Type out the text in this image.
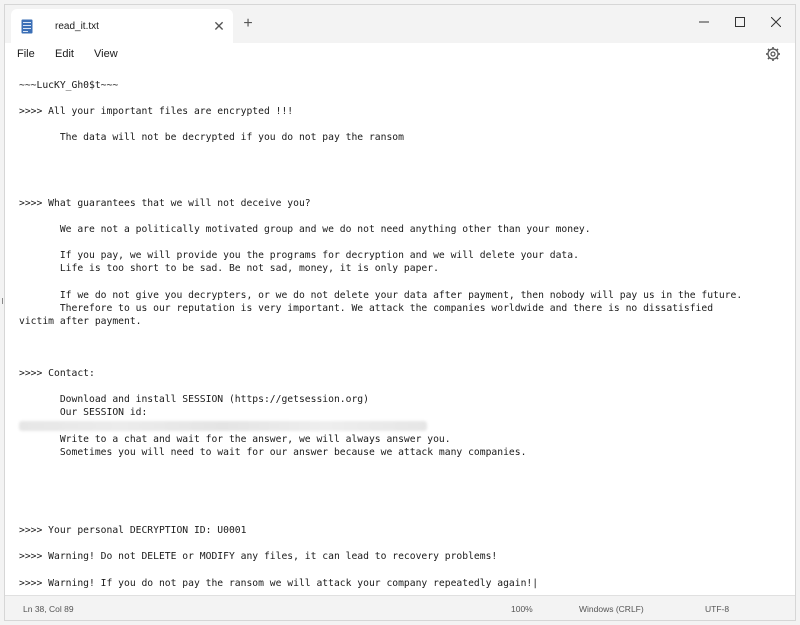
read_it.txt	✕ +
File Edit View
~~~LucKY_Gh0$t~~~

>>>> All your important files are encrypted !!!

The data will not be decrypted if you do not pay the ransom

>>>> What guarantees that we will not deceive you?

We are not a politically motivated group and we do not need anything other than your money.

If you pay, we will provide you the programs for decryption and we will delete your data.
Life is too short to be sad. Be not sad, money, it is only paper.

If we do not give you decrypters, or we do not delete your data after payment, then nobody will pay us in the future.
Therefore to us our reputation is very important. We attack the companies worldwide and there is no dissatisfied
victim after payment.

>>>> Contact:

Download and install SESSION (https://getsession.org)
Our SESSION id:

Write to a chat and wait for the answer, we will always answer you.
Sometimes you will need to wait for our answer because we attack many companies.

>>>> Your personal DECRYPTION ID: U0001

>>>> Warning! Do not DELETE or MODIFY any files, it can lead to recovery problems!

>>>> Warning! If you do not pay the ransom we will attack your company repeatedly again!|
Ln 38, Col 89	100%	Windows (CRLF)	UTF-8
